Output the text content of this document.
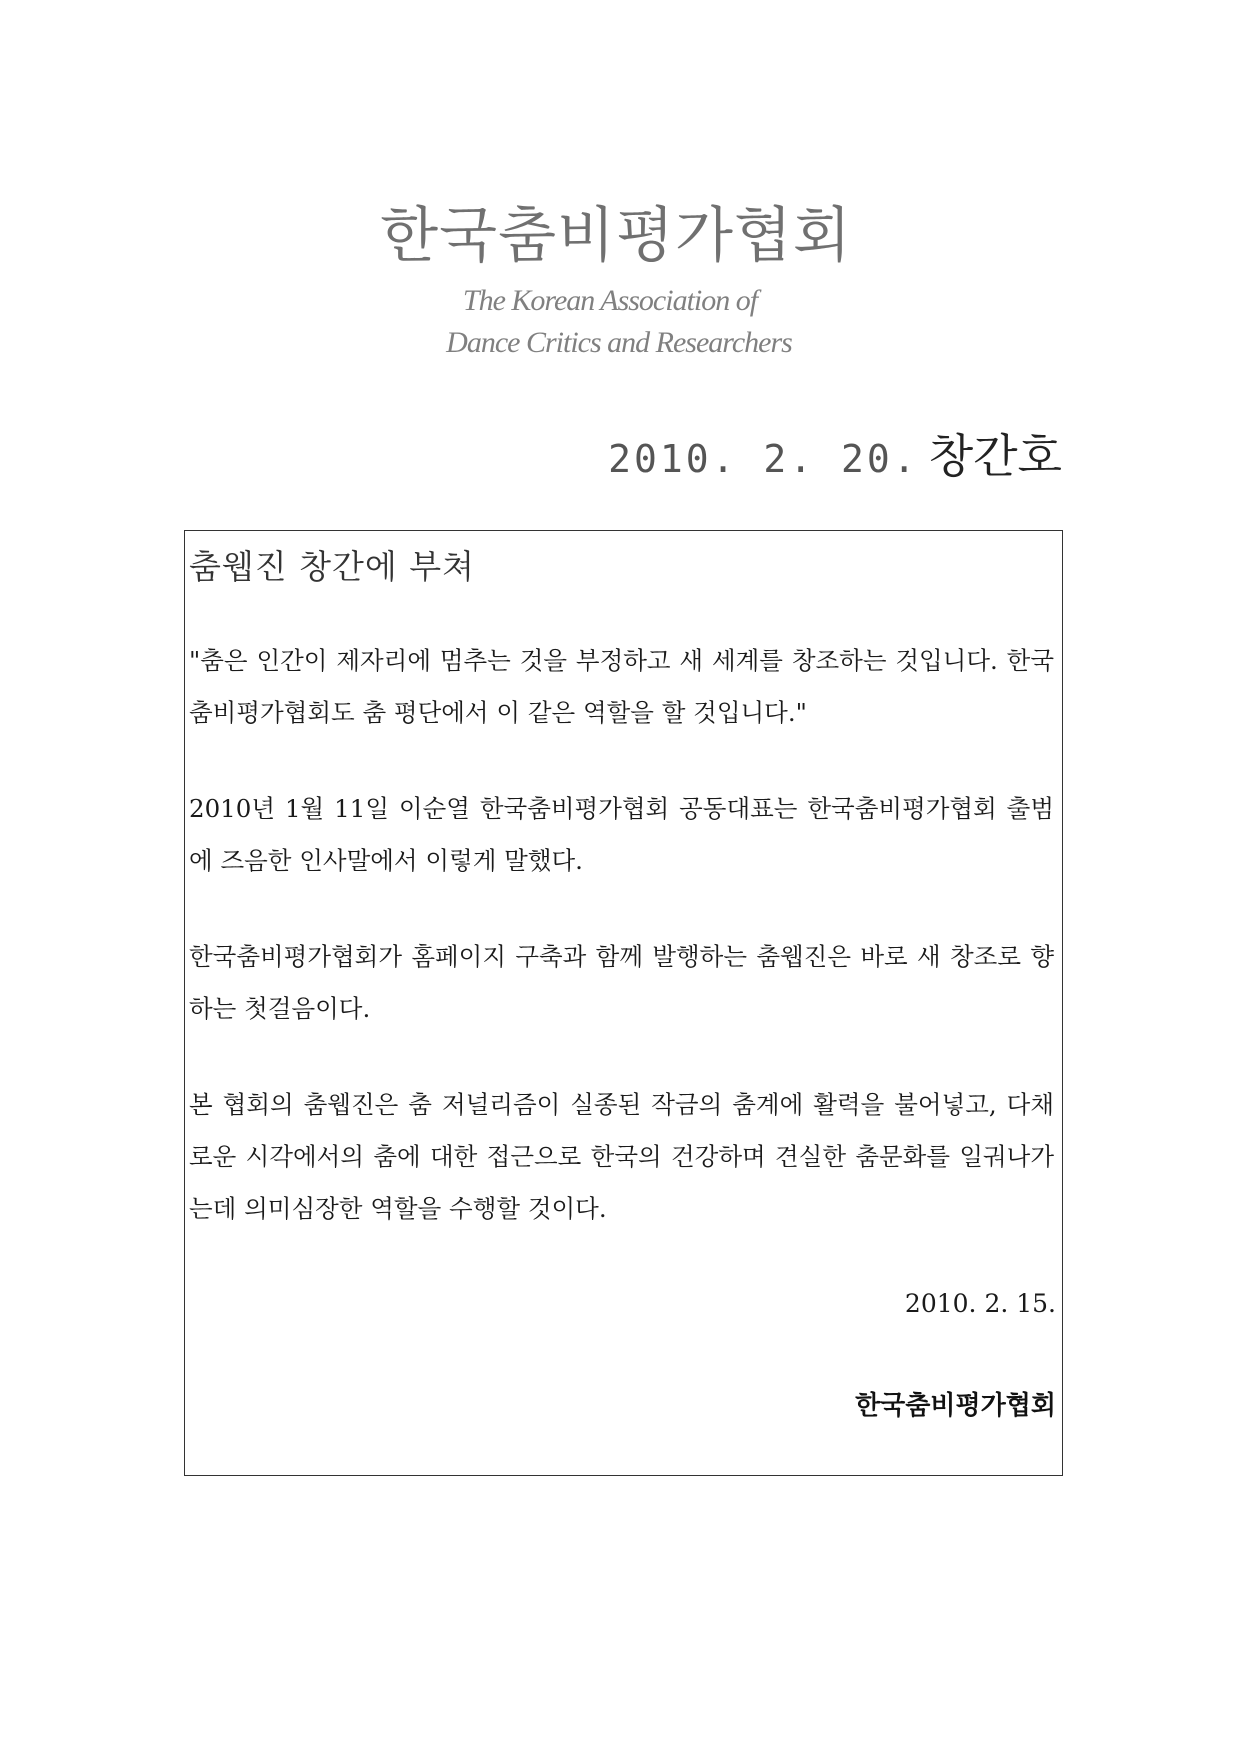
한국춤비평가협회
The Korean Association of
Dance Critics and Researchers
2010. 2. 20. 창간호
춤웹진 창간에 부쳐

"춤은 인간이 제자리에 멈추는 것을 부정하고 새 세계를 창조하는 것입니다. 한국춤비평가협회도 춤 평단에서 이 같은 역할을 할 것입니다."

2010년 1월 11일 이순열 한국춤비평가협회 공동대표는 한국춤비평가협회 출범에 즈음한 인사말에서 이렇게 말했다.

한국춤비평가협회가 홈페이지 구축과 함께 발행하는 춤웹진은 바로 새 창조로 향하는 첫걸음이다.

본 협회의 춤웹진은 춤 저널리즘이 실종된 작금의 춤계에 활력을 불어넣고, 다채로운 시각에서의 춤에 대한 접근으로 한국의 건강하며 견실한 춤문화를 일궈나가는데 의미심장한 역할을 수행할 것이다.

2010. 2. 15.

한국춤비평가협회
